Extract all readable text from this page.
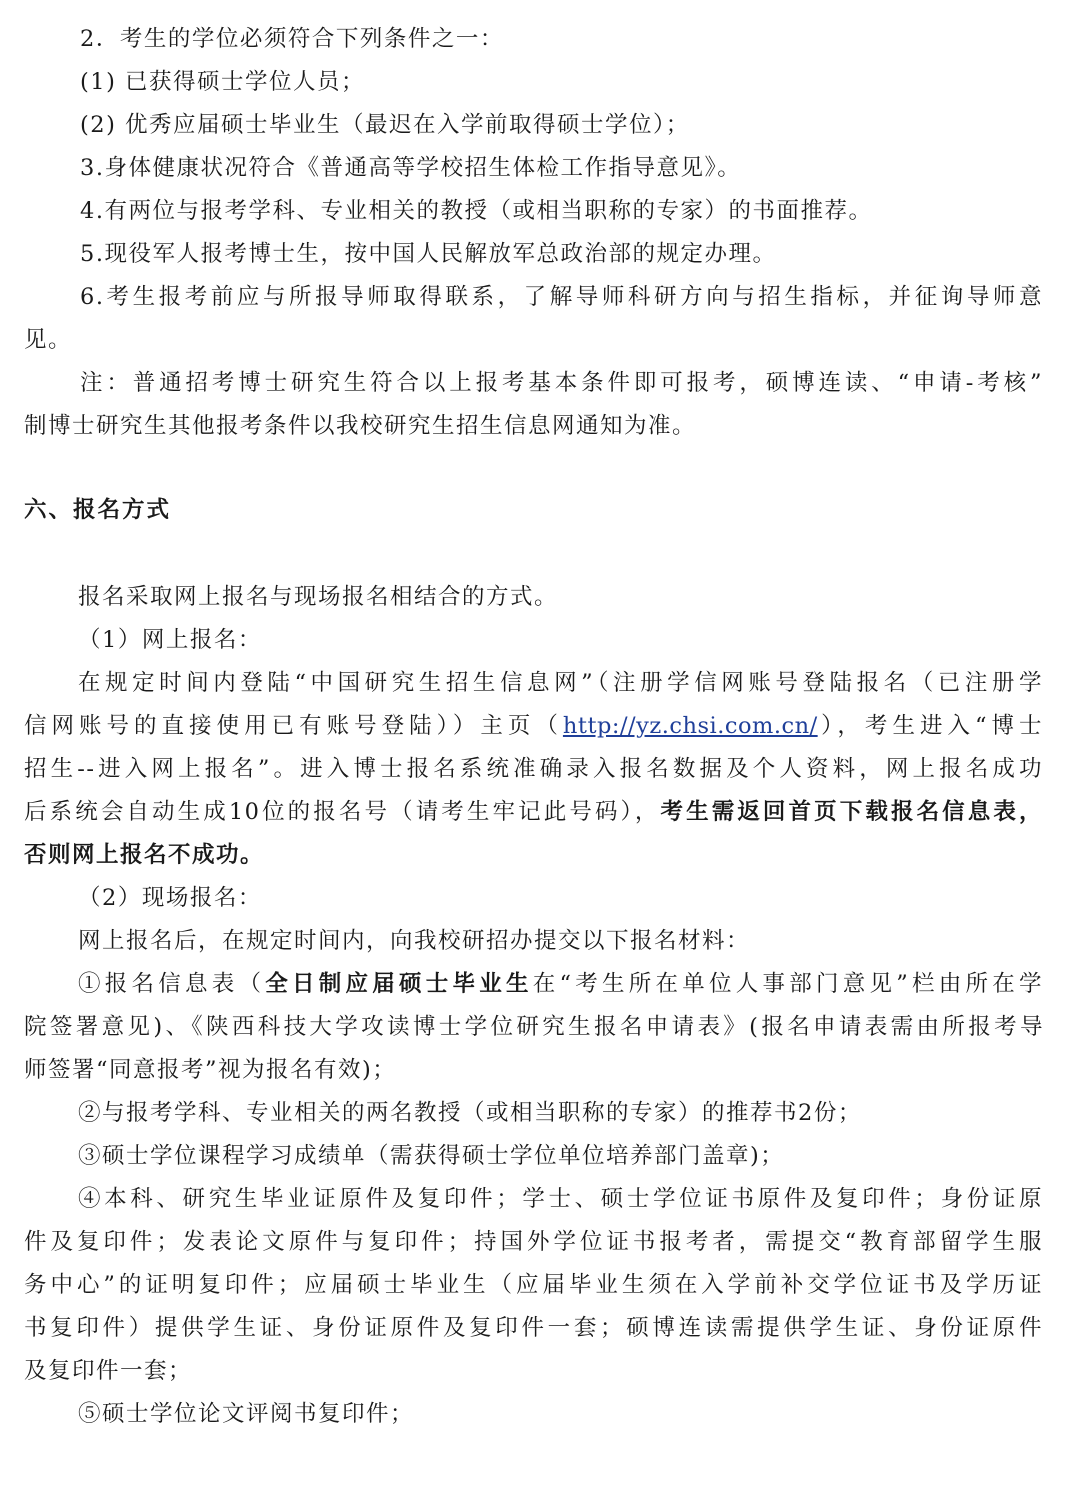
2．考生的学位必须符合下列条件之一：
(1) 已获得硕士学位人员；
(2) 优秀应届硕士毕业生（最迟在入学前取得硕士学位）；
3.身体健康状况符合《普通高等学校招生体检工作指导意见》。
4.有两位与报考学科、专业相关的教授（或相当职称的专家）的书面推荐。
5.现役军人报考博士生，按中国人民解放军总政治部的规定办理。
6.考生报考前应与所报导师取得联系，了解导师科研方向与招生指标，并征询导师意
见。
注：普通招考博士研究生符合以上报考基本条件即可报考，硕博连读、“申请-考核”
制博士研究生其他报考条件以我校研究生招生信息网通知为准。
六、报名方式
报名采取网上报名与现场报名相结合的方式。
（1）网上报名：
在规定时间内登陆“中国研究生招生信息网”（注册学信网账号登陆报名（已注册学
信网账号的直接使用已有账号登陆））主页（http://yz.chsi.com.cn/），考生进入“博士
招生--进入网上报名”。进入博士报名系统准确录入报名数据及个人资料，网上报名成功
后系统会自动生成10位的报名号（请考生牢记此号码），考生需返回首页下载报名信息表，
否则网上报名不成功。
（2）现场报名：
网上报名后，在规定时间内，向我校研招办提交以下报名材料：
①报名信息表（全日制应届硕士毕业生在“考生所在单位人事部门意见”栏由所在学
院签署意见)、《陕西科技大学攻读博士学位研究生报名申请表》(报名申请表需由所报考导
师签署“同意报考”视为报名有效)；
②与报考学科、专业相关的两名教授（或相当职称的专家）的推荐书2份；
③硕士学位课程学习成绩单（需获得硕士学位单位培养部门盖章)；
④本科、研究生毕业证原件及复印件；学士、硕士学位证书原件及复印件；身份证原
件及复印件；发表论文原件与复印件；持国外学位证书报考者，需提交“教育部留学生服
务中心”的证明复印件；应届硕士毕业生（应届毕业生须在入学前补交学位证书及学历证
书复印件）提供学生证、身份证原件及复印件一套；硕博连读需提供学生证、身份证原件
及复印件一套；
⑤硕士学位论文评阅书复印件；
